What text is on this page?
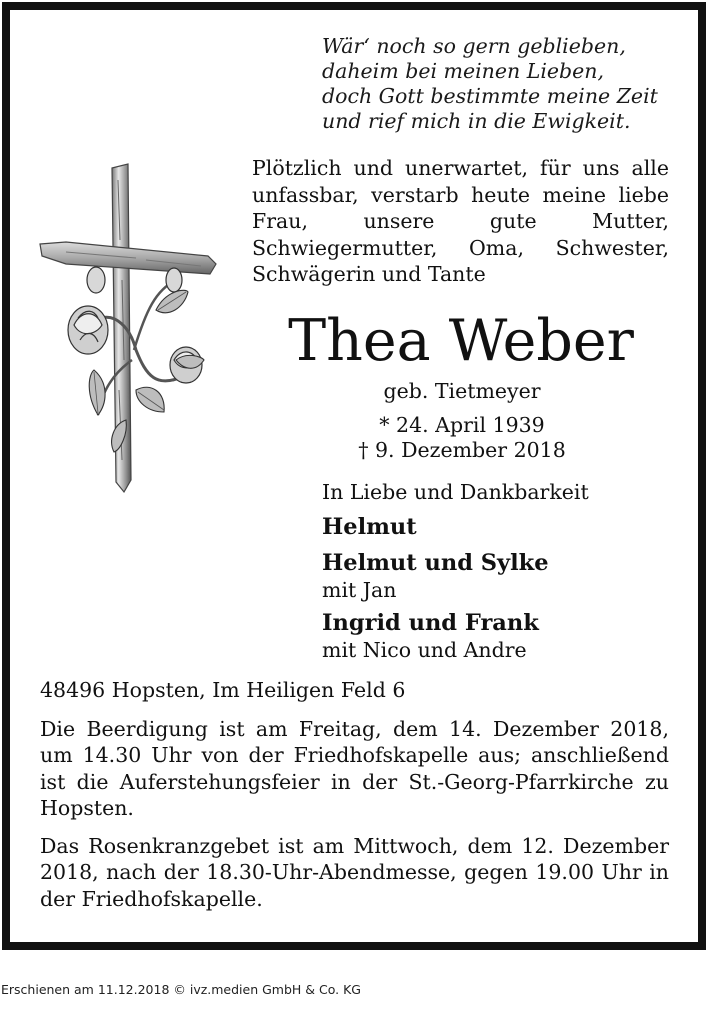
Wär‘ noch so gern geblieben,
daheim bei meinen Lieben,
doch Gott bestimmte meine Zeit
und rief mich in die Ewigkeit.
Plötzlich und unerwartet, für uns alle unfassbar, verstarb heute meine liebe Frau, unsere gute Mutter, Schwiegermutter, Oma, Schwester, Schwägerin und Tante
Thea Weber
geb. Tietmeyer
* 24. April 1939
† 9. Dezember 2018
In Liebe und Dankbarkeit
Helmut
Helmut und Sylke
mit Jan
Ingrid und Frank
mit Nico und Andre
48496 Hopsten, Im Heiligen Feld 6
Die Beerdigung ist am Freitag, dem 14. Dezember 2018, um 14.30 Uhr von der Friedhofskapelle aus; anschließend ist die Auferstehungsfeier in der St.-Georg-Pfarrkirche zu Hopsten.
Das Rosenkranzgebet ist am Mittwoch, dem 12. Dezember 2018, nach der 18.30-Uhr-Abendmesse, gegen 19.00 Uhr in der Friedhofskapelle.
Erschienen am 11.12.2018 © ivz.medien GmbH & Co. KG
